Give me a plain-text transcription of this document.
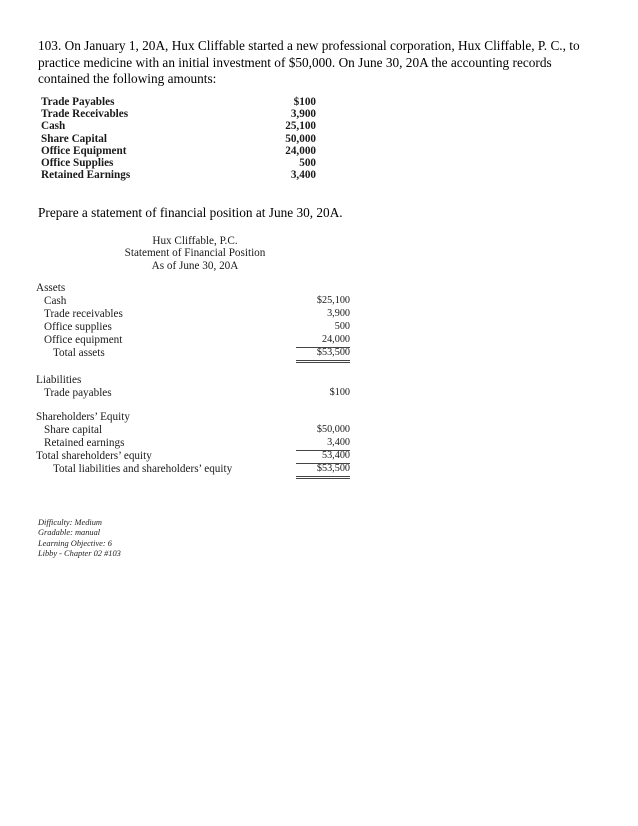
103. On January 1, 20A, Hux Cliffable started a new professional corporation, Hux Cliffable, P. C., to practice medicine with an initial investment of $50,000. On June 30, 20A the accounting records contained the following amounts:
Trade Payables	$100
Trade Receivables	3,900
Cash	25,100
Share Capital	50,000
Office Equipment	24,000
Office Supplies	500
Retained Earnings	3,400
Prepare a statement of financial position at June 30, 20A.
Hux Cliffable, P.C.
Statement of Financial Position
As of June 30, 20A
Assets
Cash	$25,100
Trade receivables	3,900
Office supplies	500
Office equipment	24,000
Total assets	$53,500
Liabilities
Trade payables	$100
Shareholders’ Equity
Share capital	$50,000
Retained earnings	3,400
Total shareholders’ equity	53,400
Total liabilities and shareholders’ equity	$53,500
Difficulty: Medium
Gradable: manual
Learning Objective: 6
Libby - Chapter 02 #103
